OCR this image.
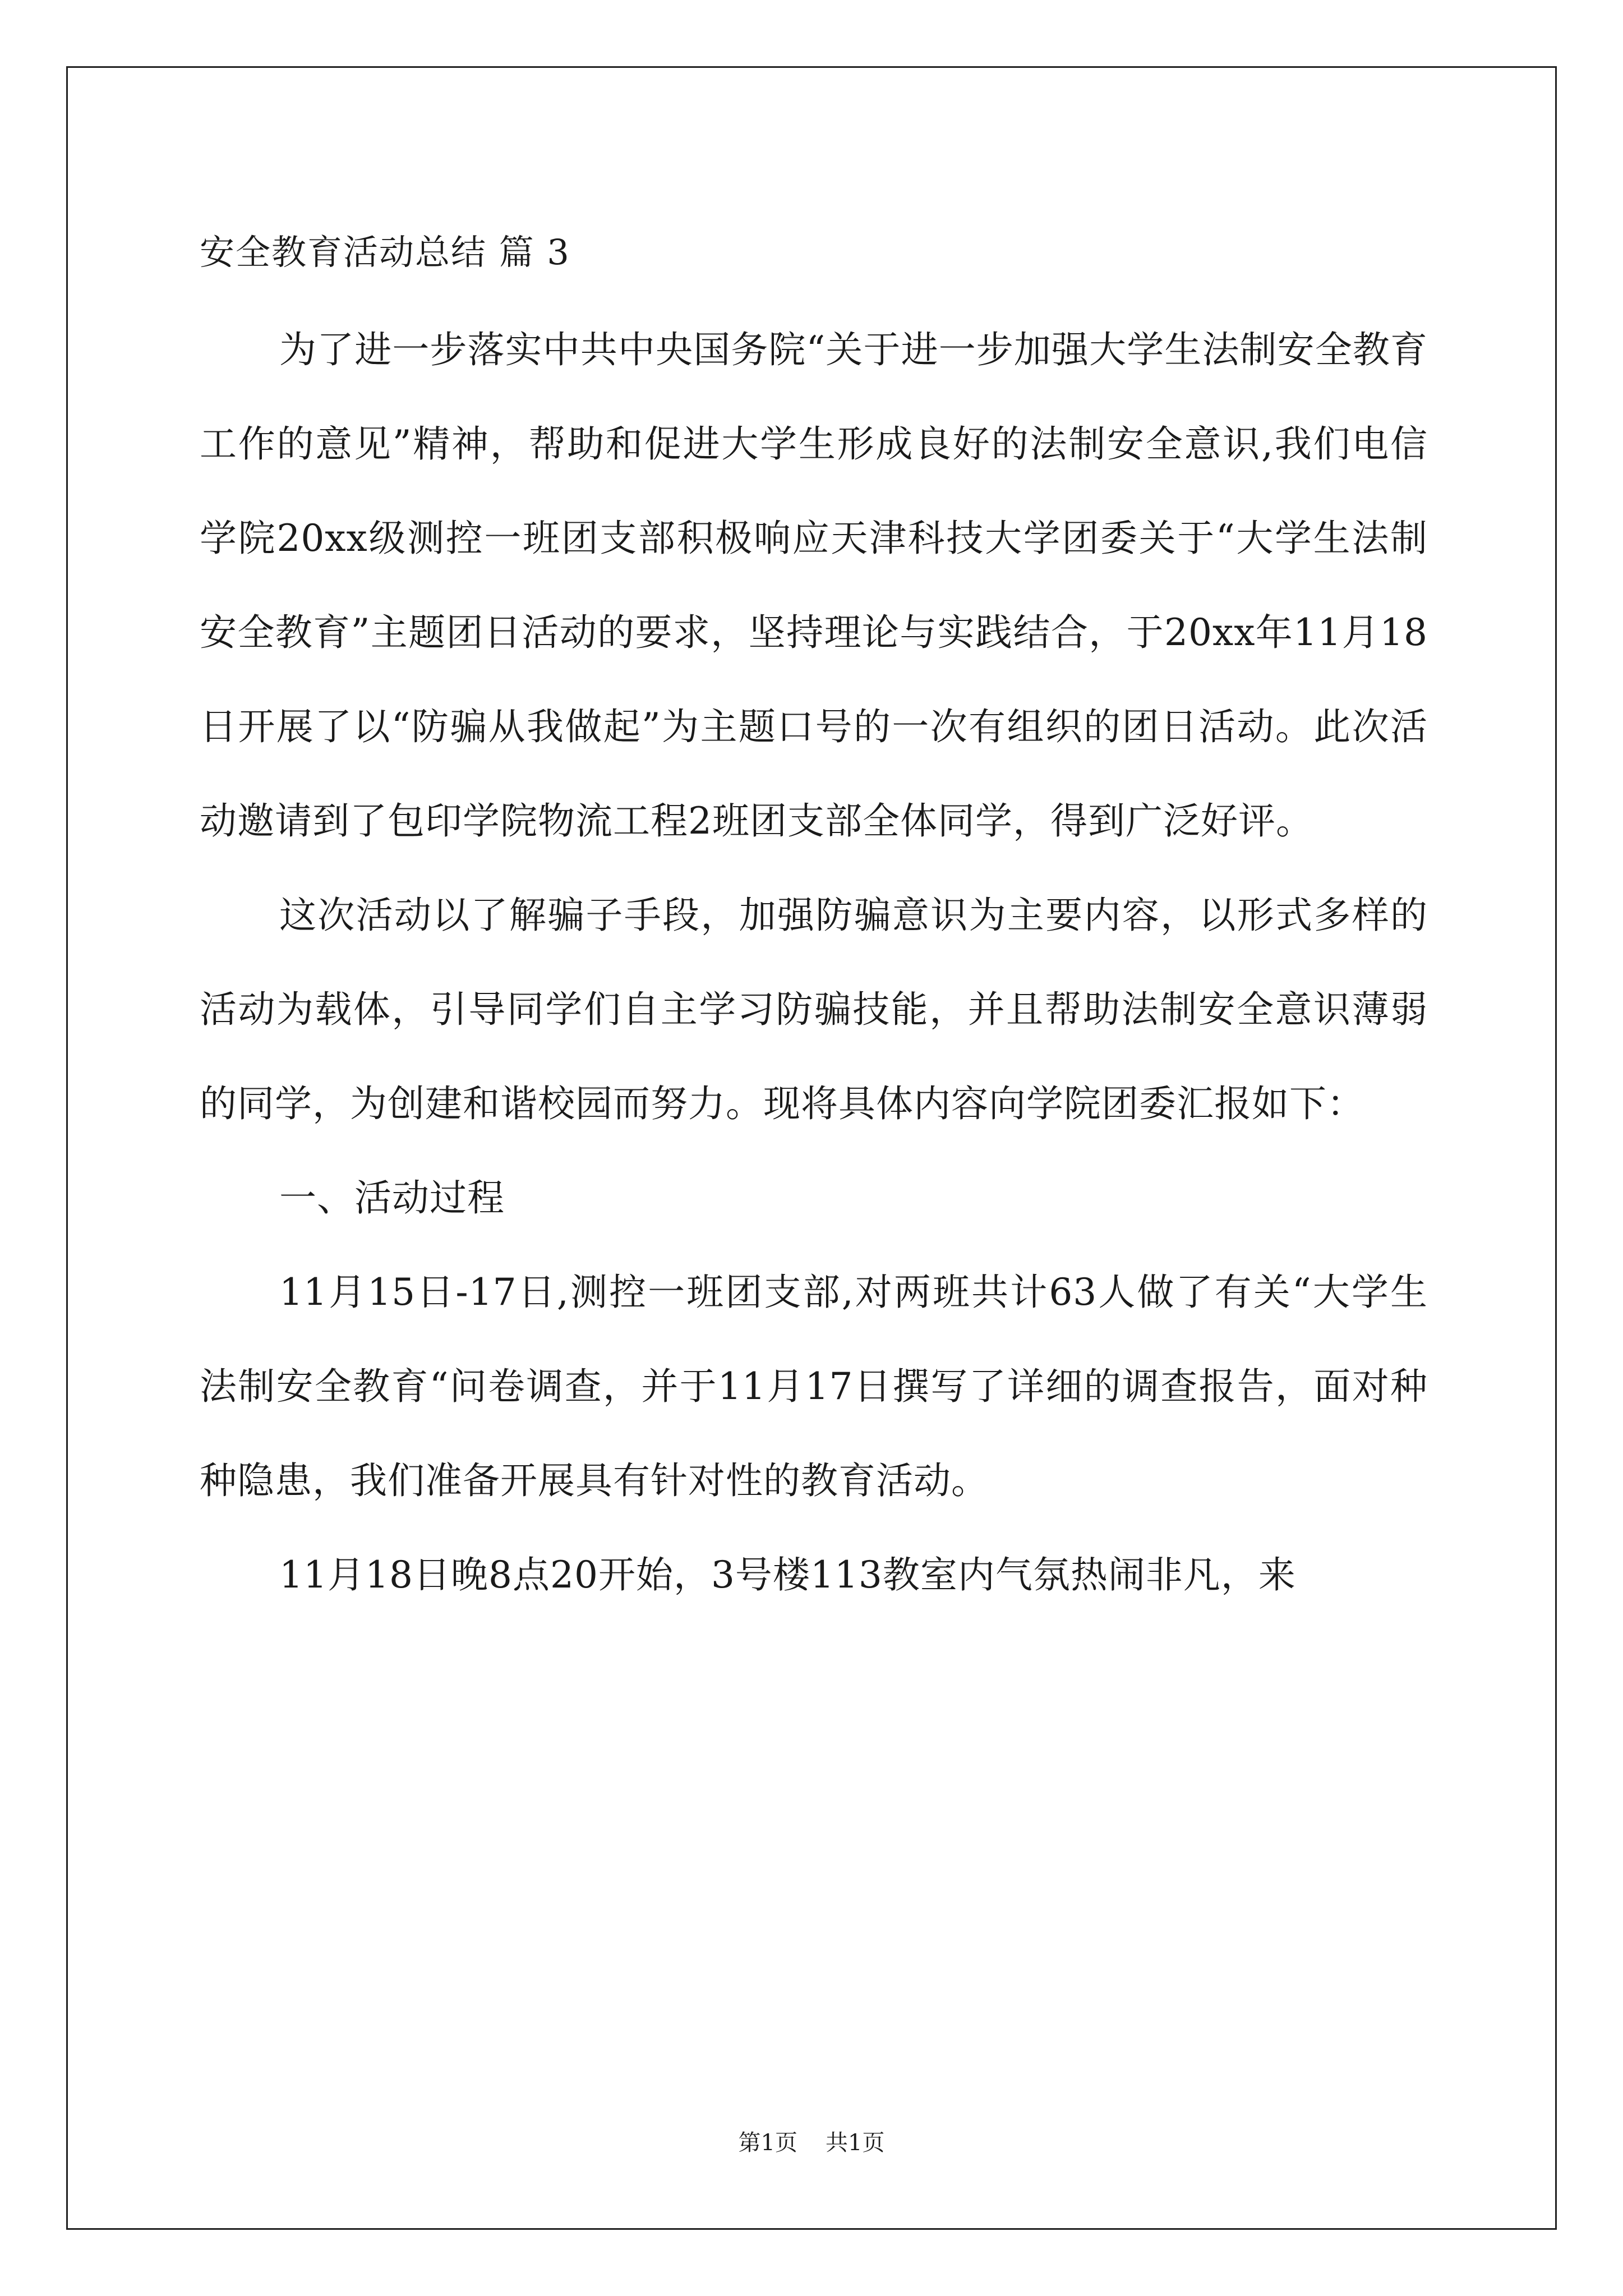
安全教育活动总结 篇 3

为了进一步落实中共中央国务院“关于进一步加强大学生法制安全教育工作的意见”精神，帮助和促进大学生形成良好的法制安全意识,我们电信学院20xx级测控一班团支部积极响应天津科技大学团委关于“大学生法制安全教育”主题团日活动的要求，坚持理论与实践结合，于20xx年11月18日开展了以“防骗从我做起”为主题口号的一次有组织的团日活动。此次活动邀请到了包印学院物流工程2班团支部全体同学，得到广泛好评。

这次活动以了解骗子手段，加强防骗意识为主要内容，以形式多样的活动为载体，引导同学们自主学习防骗技能，并且帮助法制安全意识薄弱的同学，为创建和谐校园而努力。现将具体内容向学院团委汇报如下：

一、活动过程

11月15日-17日,测控一班团支部,对两班共计63人做了有关“大学生法制安全教育“问卷调查，并于11月17日撰写了详细的调查报告，面对种种隐患，我们准备开展具有针对性的教育活动。

11月18日晚8点20开始，3号楼113教室内气氛热闹非凡，来

第1页 共1页
